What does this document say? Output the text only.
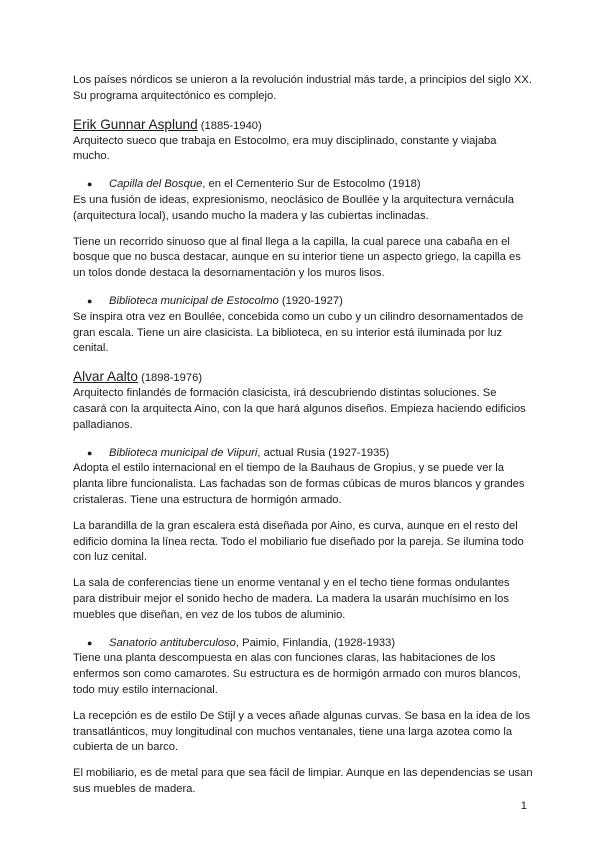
Los países nórdicos se unieron a la revolución industrial más tarde, a principios del siglo XX. Su programa arquitectónico es complejo.

Erik Gunnar Asplund (1885-1940)

Arquitecto sueco que trabaja en Estocolmo, era muy disciplinado, constante y viajaba mucho.

● Capilla del Bosque, en el Cementerio Sur de Estocolmo (1918)

Es una fusión de ideas, expresionismo, neoclásico de Boullée y la arquitectura vernácula (arquitectura local), usando mucho la madera y las cubiertas inclinadas.

Tiene un recorrido sinuoso que al final llega a la capilla, la cual parece una cabaña en el bosque que no busca destacar, aunque en su interior tiene un aspecto griego, la capilla es un tolos donde destaca la desornamentación y los muros lisos.

● Biblioteca municipal de Estocolmo (1920-1927)

Se inspira otra vez en Boullée, concebida como un cubo y un cilindro desornamentados de gran escala. Tiene un aire clasicista. La biblioteca, en su interior está iluminada por luz cenital.

Alvar Aalto (1898-1976)

Arquitecto finlandés de formación clasicista, irá descubriendo distintas soluciones. Se casará con la arquitecta Aino, con la que hará algunos diseños. Empieza haciendo edificios palladianos.

● Biblioteca municipal de Viipuri, actual Rusia (1927-1935)

Adopta el estilo internacional en el tiempo de la Bauhaus de Gropius, y se puede ver la planta libre funcionalista. Las fachadas son de formas cúbicas de muros blancos y grandes cristaleras. Tiene una estructura de hormigón armado.

La barandilla de la gran escalera está diseñada por Aino, es curva, aunque en el resto del edificio domina la línea recta. Todo el mobiliario fue diseñado por la pareja. Se ilumina todo con luz cenital.

La sala de conferencias tiene un enorme ventanal y en el techo tiene formas ondulantes para distribuir mejor el sonido hecho de madera. La madera la usarán muchísimo en los muebles que diseñan, en vez de los tubos de aluminio.

● Sanatorio antituberculoso, Paimio, Finlandia, (1928-1933)

Tiene una planta descompuesta en alas con funciones claras, las habitaciones de los enfermos son como camarotes. Su estructura es de hormigón armado con muros blancos, todo muy estilo internacional.

La recepción es de estilo De Stijl y a veces añade algunas curvas. Se basa en la idea de los transatlánticos, muy longitudinal con muchos ventanales, tiene una larga azotea como la cubierta de un barco.

El mobiliario, es de metal para que sea fácil de limpiar. Aunque en las dependencias se usan sus muebles de madera.

1
